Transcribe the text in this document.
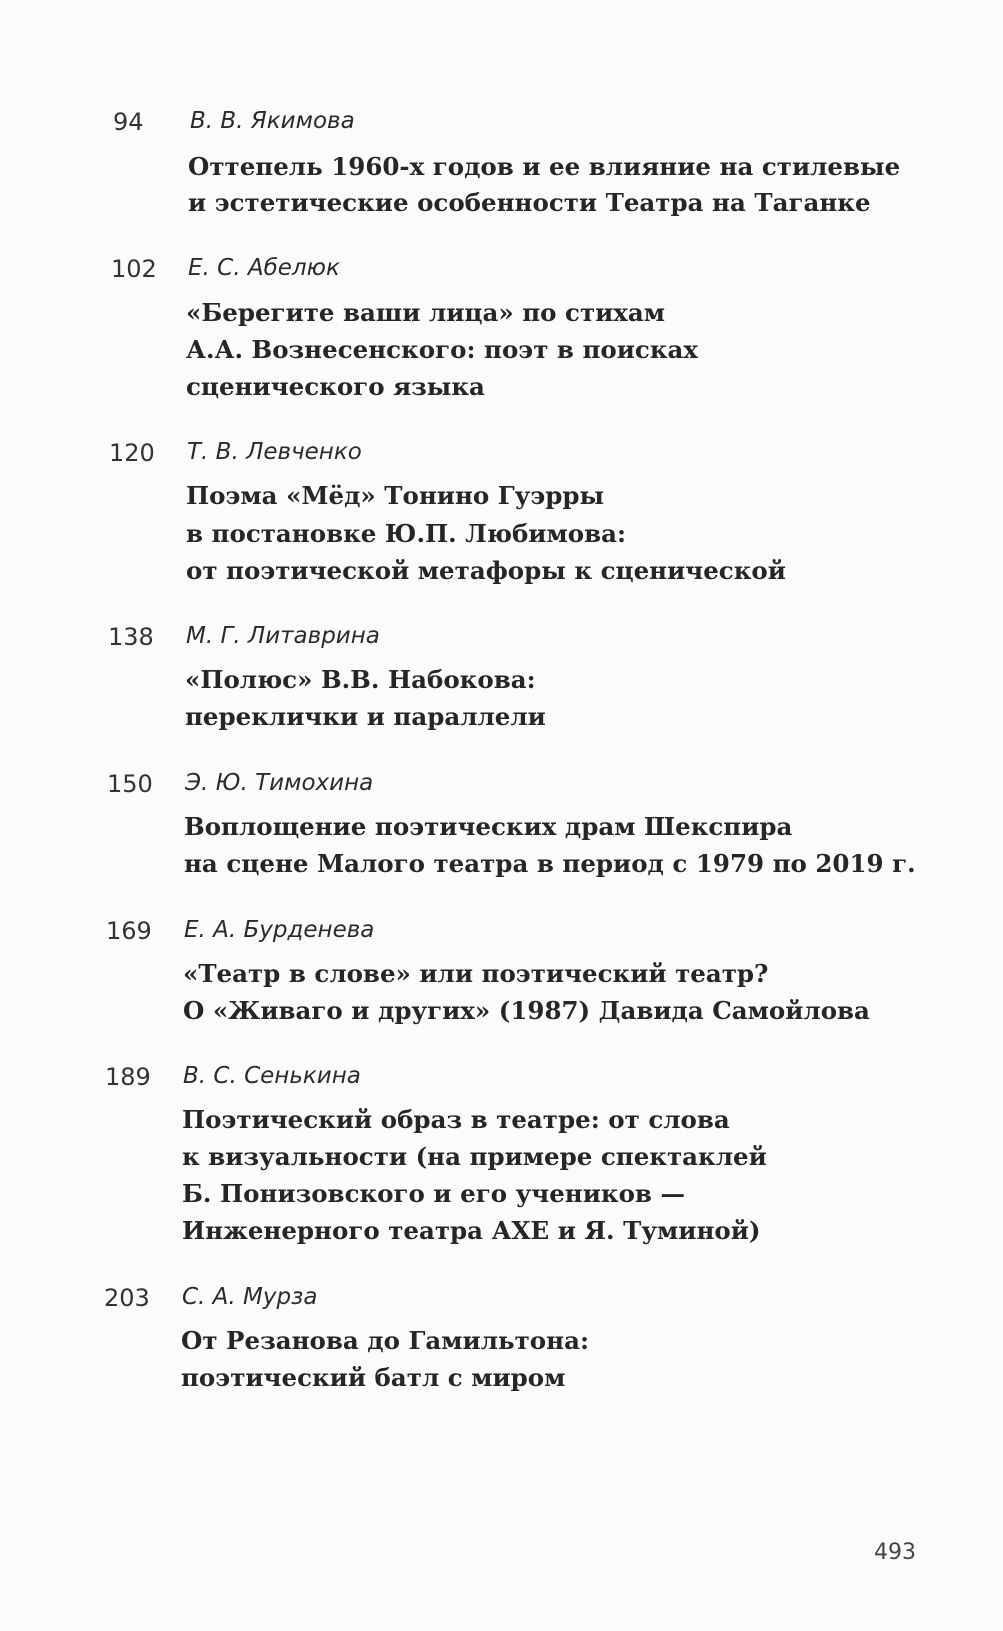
94 В. В. Якимова
Оттепель 1960-х годов и ее влияние на стилевые
и эстетические особенности Театра на Таганке
102 Е. С. Абелюк
«Берегите ваши лица» по стихам
А.А. Вознесенского: поэт в поисках
сценического языка
120 Т. В. Левченко
Поэма «Мёд» Тонино Гуэрры
в постановке Ю.П. Любимова:
от поэтической метафоры к сценической
138 М. Г. Литаврина
«Полюс» В.В. Набокова:
переклички и параллели
150 Э. Ю. Тимохина
Воплощение поэтических драм Шекспира
на сцене Малого театра в период с 1979 по 2019 г.
169 Е. А. Бурденева
«Театр в слове» или поэтический театр?
О «Живаго и других» (1987) Давида Самойлова
189 В. С. Сенькина
Поэтический образ в театре: от слова
к визуальности (на примере спектаклей
Б. Понизовского и его учеников —
Инженерного театра АХЕ и Я. Туминой)
203 С. А. Мурза
От Резанова до Гамильтона:
поэтический батл с миром
493
